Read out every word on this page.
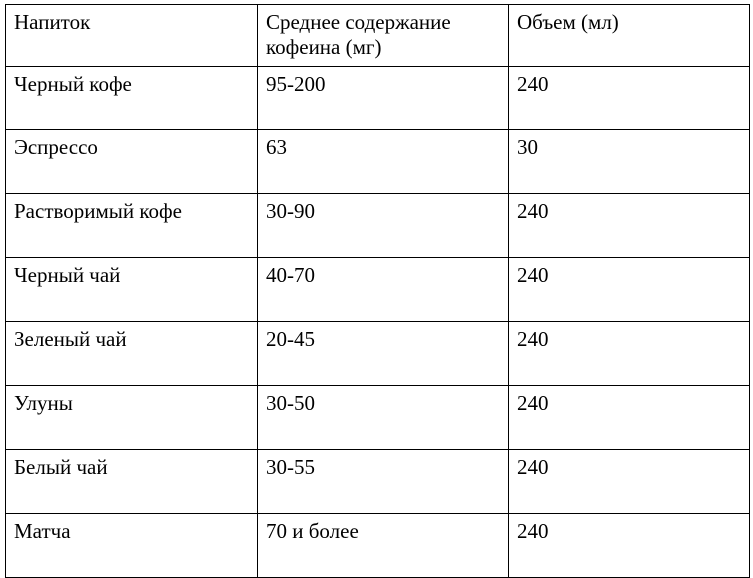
Напиток	Среднее содержание кофеина (мг)	Объем (мл)
Черный кофе	95-200	240
Эспрессо	63	30
Растворимый кофе	30-90	240
Черный чай	40-70	240
Зеленый чай	20-45	240
Улуны	30-50	240
Белый чай	30-55	240
Матча	70 и более	240
